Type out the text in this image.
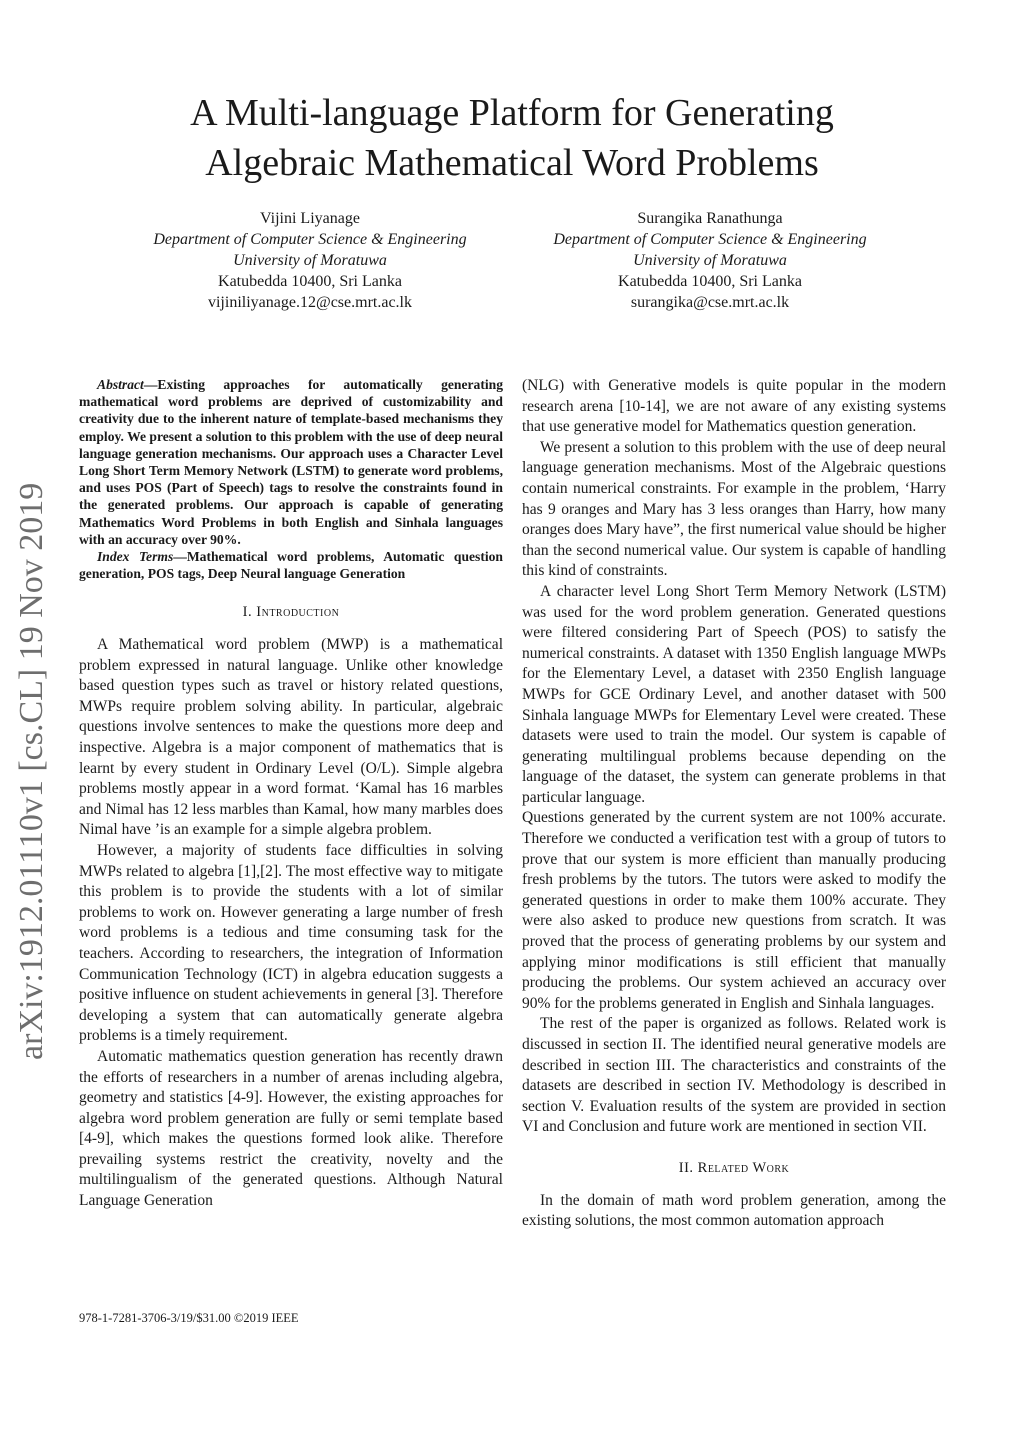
A Multi-language Platform for Generating
Algebraic Mathematical Word Problems
Vijini Liyanage
Department of Computer Science & Engineering
University of Moratuwa
Katubedda 10400, Sri Lanka
vijiniliyanage.12@cse.mrt.ac.lk
Surangika Ranathunga
Department of Computer Science & Engineering
University of Moratuwa
Katubedda 10400, Sri Lanka
surangika@cse.mrt.ac.lk
arXiv:1912.01110v1 [cs.CL] 19 Nov 2019

Abstract—Existing approaches for automatically generating mathematical word problems are deprived of customizability and creativity due to the inherent nature of template-based mechanisms they employ. We present a solution to this problem with the use of deep neural language generation mechanisms. Our approach uses a Character Level Long Short Term Memory Network (LSTM) to generate word problems, and uses POS (Part of Speech) tags to resolve the constraints found in the generated problems. Our approach is capable of generating Mathematics Word Problems in both English and Sinhala languages with an accuracy over 90%.

Index Terms—Mathematical word problems, Automatic question generation, POS tags, Deep Neural language Generation

I. Introduction

A Mathematical word problem (MWP) is a mathematical problem expressed in natural language. Unlike other knowledge based question types such as travel or history related questions, MWPs require problem solving ability. In particular, algebraic questions involve sentences to make the questions more deep and inspective. Algebra is a major component of mathematics that is learnt by every student in Ordinary Level (O/L). Simple algebra problems mostly appear in a word format. ‘Kamal has 16 marbles and Nimal has 12 less marbles than Kamal, how many marbles does Nimal have ’is an example for a simple algebra problem.

However, a majority of students face difficulties in solving MWPs related to algebra [1],[2]. The most effective way to mitigate this problem is to provide the students with a lot of similar problems to work on. However generating a large number of fresh word problems is a tedious and time consuming task for the teachers. According to researchers, the integration of Information Communication Technology (ICT) in algebra education suggests a positive influence on student achievements in general [3]. Therefore developing a system that can automatically generate algebra problems is a timely requirement.

Automatic mathematics question generation has recently drawn the efforts of researchers in a number of arenas including algebra, geometry and statistics [4-9]. However, the existing approaches for algebra word problem generation are fully or semi template based [4-9], which makes the questions formed look alike. Therefore prevailing systems restrict the creativity, novelty and the multilingualism of the generated questions. Although Natural Language Generation

(NLG) with Generative models is quite popular in the modern research arena [10-14], we are not aware of any existing systems that use generative model for Mathematics question generation.

We present a solution to this problem with the use of deep neural language generation mechanisms. Most of the Algebraic questions contain numerical constraints. For example in the problem, ‘Harry has 9 oranges and Mary has 3 less oranges than Harry, how many oranges does Mary have”, the first numerical value should be higher than the second numerical value. Our system is capable of handling this kind of constraints.

A character level Long Short Term Memory Network (LSTM) was used for the word problem generation. Generated questions were filtered considering Part of Speech (POS) to satisfy the numerical constraints. A dataset with 1350 English language MWPs for the Elementary Level, a dataset with 2350 English language MWPs for GCE Ordinary Level, and another dataset with 500 Sinhala language MWPs for Elementary Level were created. These datasets were used to train the model. Our system is capable of generating multilingual problems because depending on the language of the dataset, the system can generate problems in that particular language.

Questions generated by the current system are not 100% accurate. Therefore we conducted a verification test with a group of tutors to prove that our system is more efficient than manually producing fresh problems by the tutors. The tutors were asked to modify the generated questions in order to make them 100% accurate. They were also asked to produce new questions from scratch. It was proved that the process of generating problems by our system and applying minor modifications is still efficient that manually producing the problems. Our system achieved an accuracy over 90% for the problems generated in English and Sinhala languages.

The rest of the paper is organized as follows. Related work is discussed in section II. The identified neural generative models are described in section III. The characteristics and constraints of the datasets are described in section IV. Methodology is described in section V. Evaluation results of the system are provided in section VI and Conclusion and future work are mentioned in section VII.

II. Related Work

In the domain of math word problem generation, among the existing solutions, the most common automation approach

978-1-7281-3706-3/19/$31.00 ©2019 IEEE
